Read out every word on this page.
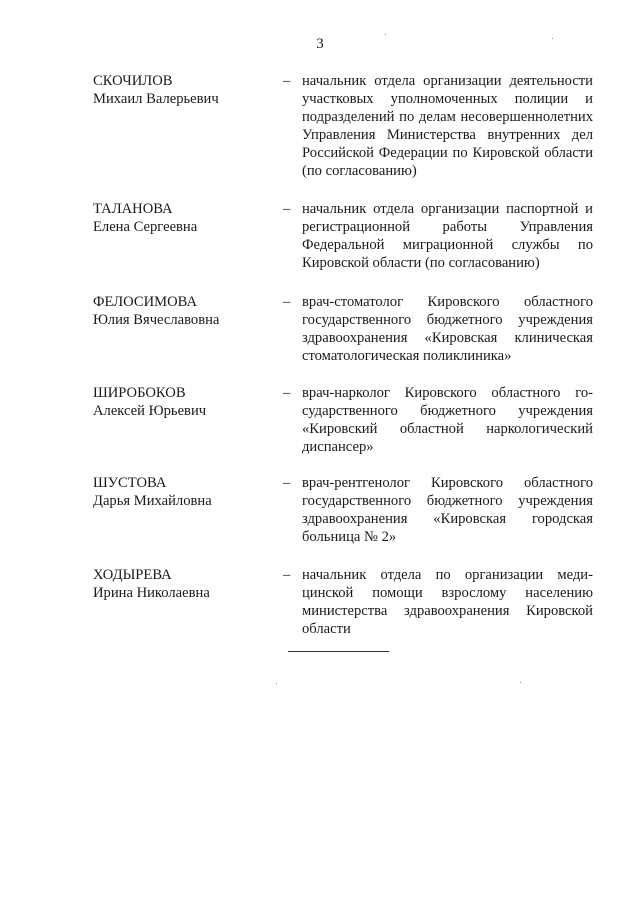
3
СКОЧИЛОВ
Михаил Валерьевич
– начальник отдела организации деятельности участковых уполномоченных полиции и подразделений по делам несовершеннолетних Управления Министерства внутренних дел Российской Федерации по Кировской области (по согласованию)
ТАЛАНОВА
Елена Сергеевна
– начальник отдела организации паспортной и регистрационной работы Управления Федеральной миграционной службы по Кировской области (по согласованию)
ФЕЛОСИМОВА
Юлия Вячеславовна
– врач-стоматолог Кировского областного государственного бюджетного учреждения здравоохранения «Кировская клиническая стоматологическая поликлиника»
ШИРОБОКОВ
Алексей Юрьевич
– врач-нарколог Кировского областного государственного бюджетного учреждения «Кировский областной наркологический диспансер»
ШУСТОВА
Дарья Михайловна
– врач-рентгенолог Кировского областного государственного бюджетного учреждения здравоохранения «Кировская городская больница № 2»
ХОДЫРЕВА
Ирина Николаевна
– начальник отдела по организации медицинской помощи взрослому населению министерства здравоохранения Кировской области
